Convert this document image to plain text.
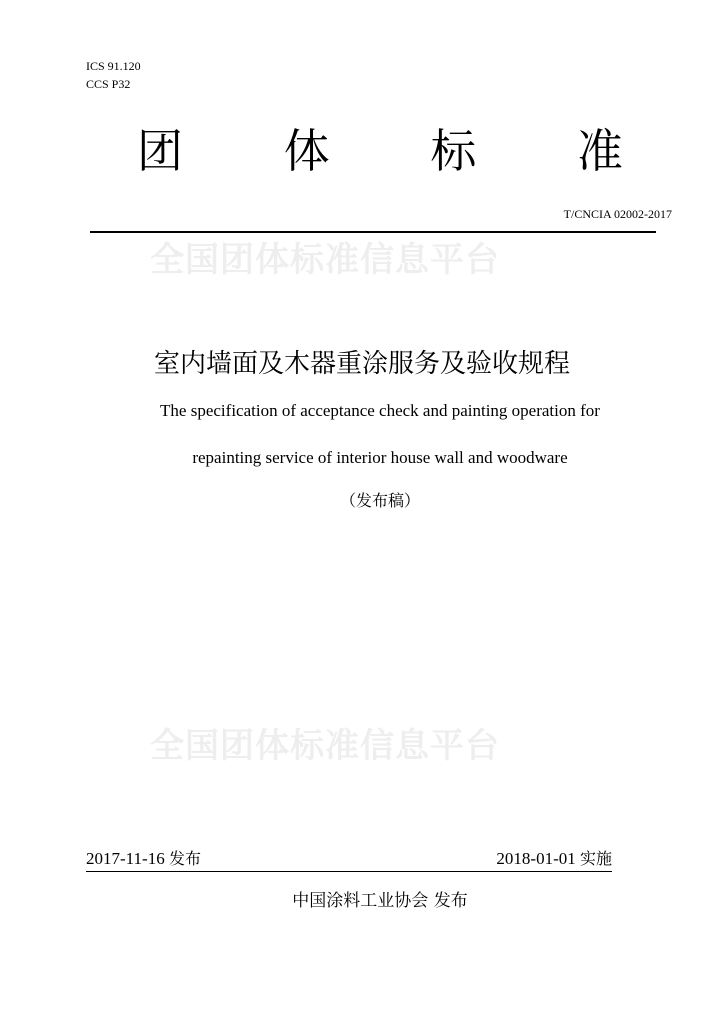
ICS 91.120
CCS P32
团 体 标 准
T/CNCIA 02002-2017
全国团体标准信息平台
室内墙面及木器重涂服务及验收规程
The specification of acceptance check and painting operation for
repainting service of interior house wall and woodware
（发布稿）
全国团体标准信息平台
2017-11-16 发布	2018-01-01 实施
中国涂料工业协会 发布
